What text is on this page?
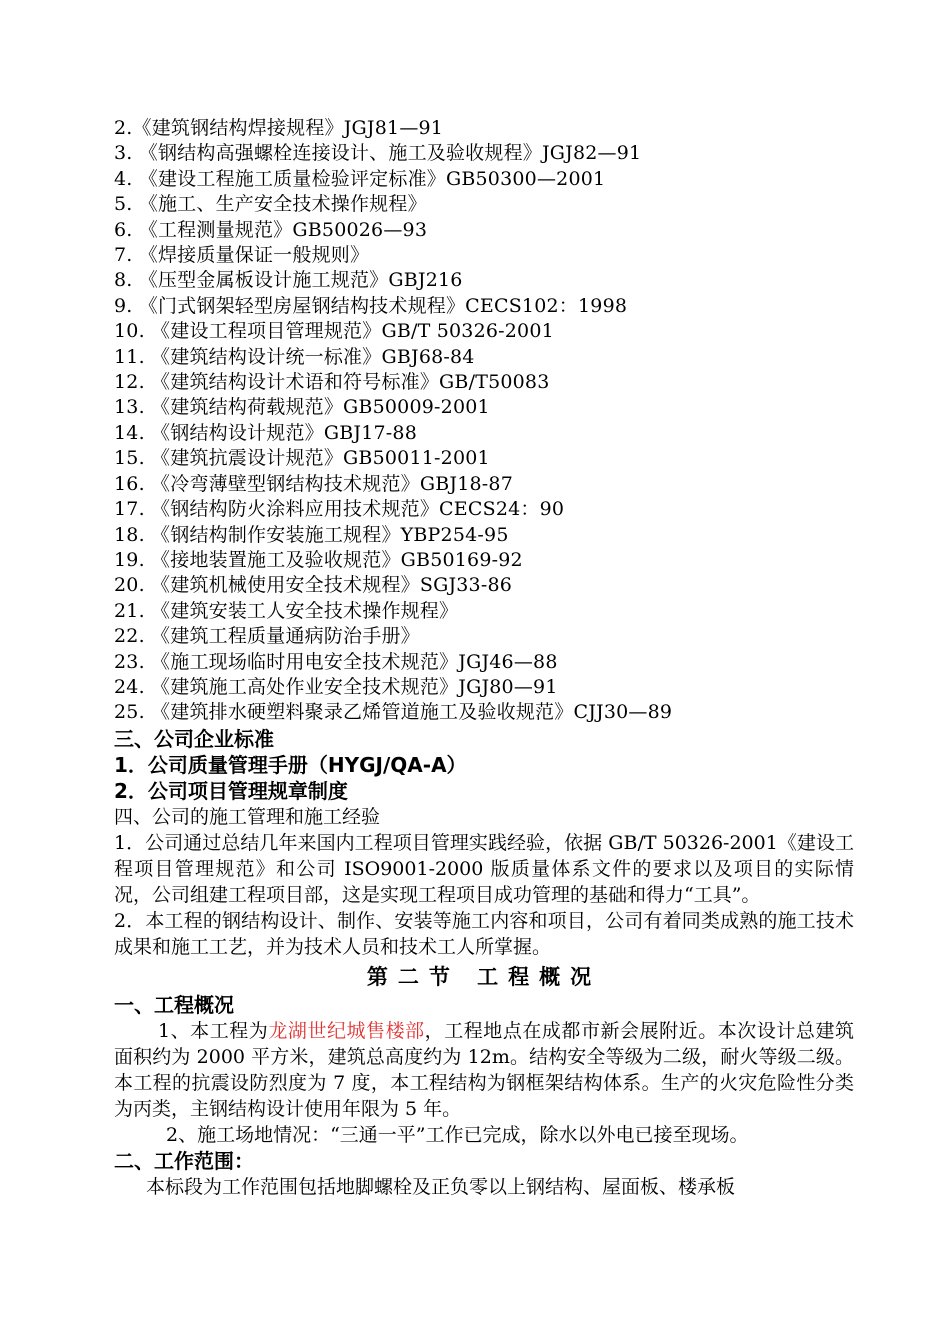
2.《建筑钢结构焊接规程》JGJ81—91
3. 《钢结构高强螺栓连接设计、施工及验收规程》JGJ82—91
4. 《建设工程施工质量检验评定标准》GB50300—2001
5. 《施工、生产安全技术操作规程》
6. 《工程测量规范》GB50026—93
7. 《焊接质量保证一般规则》
8. 《压型金属板设计施工规范》GBJ216
9. 《门式钢架轻型房屋钢结构技术规程》CECS102：1998
10. 《建设工程项目管理规范》GB/T 50326-2001
11. 《建筑结构设计统一标准》GBJ68-84
12. 《建筑结构设计术语和符号标准》GB/T50083
13. 《建筑结构荷载规范》GB50009-2001
14. 《钢结构设计规范》GBJ17-88
15. 《建筑抗震设计规范》GB50011-2001
16. 《冷弯薄壁型钢结构技术规范》GBJ18-87
17. 《钢结构防火涂料应用技术规范》CECS24：90
18. 《钢结构制作安装施工规程》YBP254-95
19. 《接地装置施工及验收规范》GB50169-92
20. 《建筑机械使用安全技术规程》SGJ33-86
21. 《建筑安装工人安全技术操作规程》
22. 《建筑工程质量通病防治手册》
23. 《施工现场临时用电安全技术规范》JGJ46—88
24. 《建筑施工高处作业安全技术规范》JGJ80—91
25. 《建筑排水硬塑料聚录乙烯管道施工及验收规范》CJJ30—89
三、公司企业标准
1．公司质量管理手册（HYGJ/QA-A）
2．公司项目管理规章制度
四、公司的施工管理和施工经验
1．公司通过总结几年来国内工程项目管理实践经验，依据 GB/T 50326-2001《建设工程项目管理规范》和公司 ISO9001-2000 版质量体系文件的要求以及项目的实际情况，公司组建工程项目部，这是实现工程项目成功管理的基础和得力“工具”。
2．本工程的钢结构设计、制作、安装等施工内容和项目，公司有着同类成熟的施工技术成果和施工工艺，并为技术人员和技术工人所掌握。
第二节 工程概况
一、工程概况
1、本工程为龙湖世纪城售楼部，工程地点在成都市新会展附近。本次设计总建筑面积约为 2000 平方米，建筑总高度约为 12m。结构安全等级为二级，耐火等级二级。本工程的抗震设防烈度为 7 度，本工程结构为钢框架结构体系。生产的火灾危险性分类为丙类，主钢结构设计使用年限为 5 年。
2、施工场地情况：“三通一平”工作已完成，除水以外电已接至现场。
二、工作范围：
本标段为工作范围包括地脚螺栓及正负零以上钢结构、屋面板、楼承板
